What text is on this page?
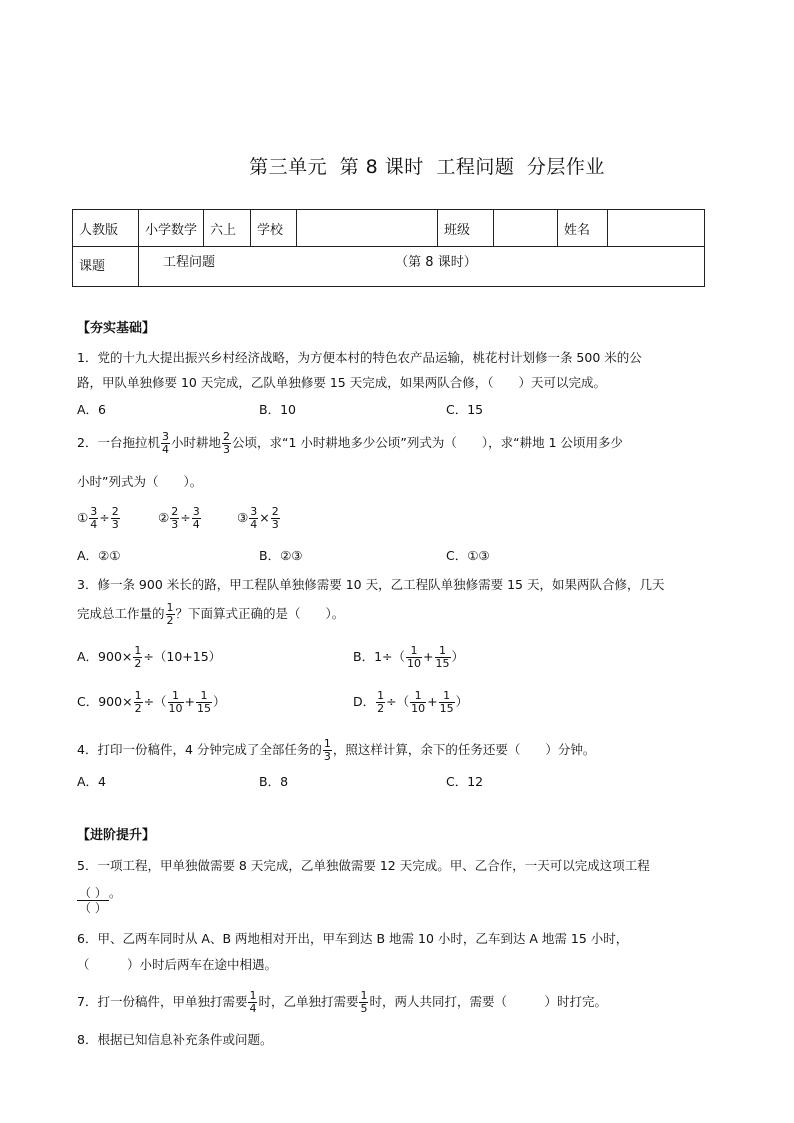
第三单元 第 8 课时 工程问题 分层作业
人教版	小学数学	六上	学校		班级		姓名	
课题	工程问题 （第 8 课时）							
【夯实基础】
1．党的十九大提出振兴乡村经济战略，为方便本村的特色农产品运输，桃花村计划修一条 500 米的公
路，甲队单独修要 10 天完成，乙队单独修要 15 天完成，如果两队合修，（　　）天可以完成。
A．6	B．10	C．15
2．一台拖拉机 $\frac{3}{4}$ 小时耕地 $\frac{2}{3}$ 公顷，求“1 小时耕地多少公顷”列式为（　　），求“耕地 1 公顷用多少
小时”列式为（　　）。
① $\frac{3}{4} \div \frac{2}{3}$	② $\frac{2}{3} \div \frac{3}{4}$	③ $\frac{3}{4} \times \frac{2}{3}$
A．②①	B．②③	C．①③
3．修一条 900 米长的路，甲工程队单独修需要 10 天，乙工程队单独修需要 15 天，如果两队合修，几天
完成总工作量的 $\frac{1}{2}$ ？下面算式正确的是（　　）。
A．$900\times \frac{1}{2} \div(10+15)$	B．$1\div( \frac{1}{10} + \frac{1}{15}$ ）
C．$900\times \frac{1}{2}$ ÷（ $\frac{1}{10} + \frac{1}{15}$ ）	D． $\frac{1}{2}$ ÷（ $\frac{1}{10} + \frac{1}{15}$ ）
4．打印一份稿件，4 分钟完成了全部任务的 $\frac{1}{3}$ ，照这样计算，余下的任务还要（　　）分钟。
A．4	B．8	C．12
【进阶提升】
5．一项工程，甲单独做需要 8 天完成，乙单独做需要 12 天完成。甲、乙合作，一天可以完成这项工程
（ ）
（ ）
。
6．甲、乙两车同时从 A、B 两地相对开出，甲车到达 B 地需 10 小时，乙车到达 A 地需 15 小时，
（　　　）小时后两车在途中相遇。
7．打一份稿件，甲单独打需要 $\frac{1}{4}$ 时，乙单独打需要 $\frac{1}{5}$ 时，两人共同打，需要（　　　）时打完。
8．根据已知信息补充条件或问题。
